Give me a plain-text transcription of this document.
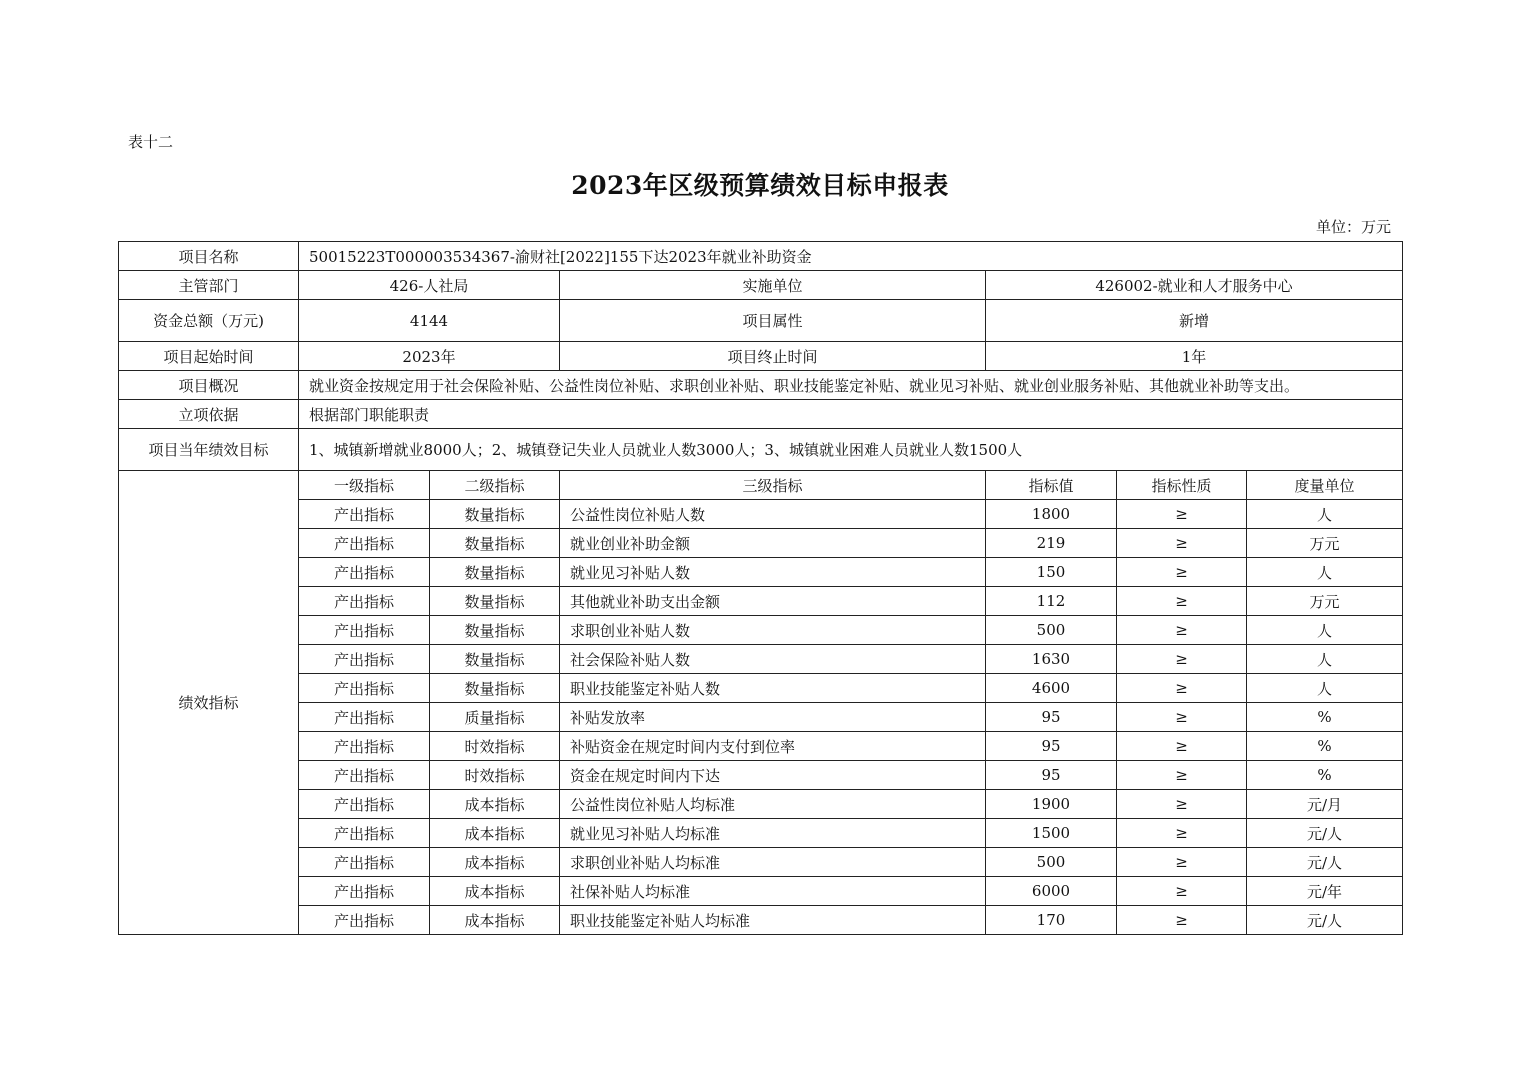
表十二
2023年区级预算绩效目标申报表
单位：万元
项目名称	50015223T000003534367-渝财社[2022]155下达2023年就业补助资金						
主管部门	426-人社局		实施单位	426002-就业和人才服务中心			
资金总额（万元)	4144		项目属性	新增			
项目起始时间	2023年		项目终止时间	1年			
项目概况	就业资金按规定用于社会保险补贴、公益性岗位补贴、求职创业补贴、职业技能鉴定补贴、就业见习补贴、就业创业服务补贴、其他就业补助等支出。						
立项依据	根据部门职能职责						
项目当年绩效目标	1、城镇新增就业8000人；2、城镇登记失业人员就业人数3000人；3、城镇就业困难人员就业人数1500人						
绩效指标	一级指标	二级指标	三级指标	指标值	指标性质	度量单位	
	产出指标	数量指标	公益性岗位补贴人数	1800	≥	人	
	产出指标	数量指标	就业创业补助金额	219	≥	万元	
	产出指标	数量指标	就业见习补贴人数	150	≥	人	
	产出指标	数量指标	其他就业补助支出金额	112	≥	万元	
	产出指标	数量指标	求职创业补贴人数	500	≥	人	
	产出指标	数量指标	社会保险补贴人数	1630	≥	人	
	产出指标	数量指标	职业技能鉴定补贴人数	4600	≥	人	
	产出指标	质量指标	补贴发放率	95	≥	%	
	产出指标	时效指标	补贴资金在规定时间内支付到位率	95	≥	%	
	产出指标	时效指标	资金在规定时间内下达	95	≥	%	
	产出指标	成本指标	公益性岗位补贴人均标准	1900	≥	元/月	
	产出指标	成本指标	就业见习补贴人均标准	1500	≥	元/人	
	产出指标	成本指标	求职创业补贴人均标准	500	≥	元/人	
	产出指标	成本指标	社保补贴人均标准	6000	≥	元/年	
	产出指标	成本指标	职业技能鉴定补贴人均标准	170	≥	元/人	
